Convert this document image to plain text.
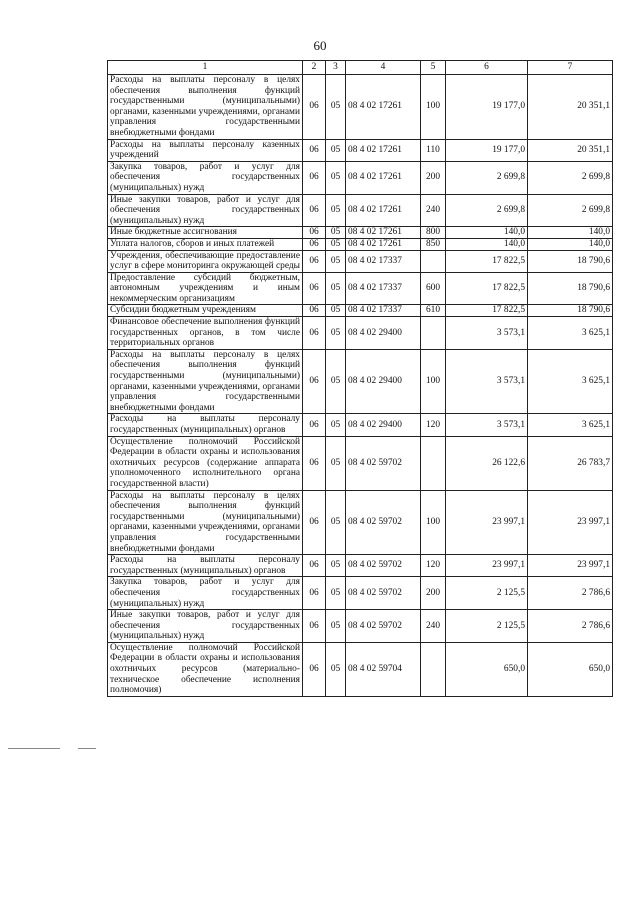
60
1	2	3	4	5	6	7
Расходы на выплаты персоналу в целях обеспечения выполнения функций государственными (муниципальными) органами, казенными учреждениями, органами управления государственными внебюджетными фондами	06	05	08 4 02 17261	100	19 177,0	20 351,1
Расходы на выплаты персоналу казенных учреждений	06	05	08 4 02 17261	110	19 177,0	20 351,1
Закупка товаров, работ и услуг для обеспечения государственных (муниципальных) нужд	06	05	08 4 02 17261	200	2 699,8	2 699,8
Иные закупки товаров, работ и услуг для обеспечения государственных (муниципальных) нужд	06	05	08 4 02 17261	240	2 699,8	2 699,8
Иные бюджетные ассигнования	06	05	08 4 02 17261	800	140,0	140,0
Уплата налогов, сборов и иных платежей	06	05	08 4 02 17261	850	140,0	140,0
Учреждения, обеспечивающие предоставление услуг в сфере мониторинга окружающей среды	06	05	08 4 02 17337		17 822,5	18 790,6
Предоставление субсидий бюджетным, автономным учреждениям и иным некоммерческим организациям	06	05	08 4 02 17337	600	17 822,5	18 790,6
Субсидии бюджетным учреждениям	06	05	08 4 02 17337	610	17 822,5	18 790,6
Финансовое обеспечение выполнения функций государственных органов, в том числе территориальных органов	06	05	08 4 02 29400		3 573,1	3 625,1
Расходы на выплаты персоналу в целях обеспечения выполнения функций государственными (муниципальными) органами, казенными учреждениями, органами управления государственными внебюджетными фондами	06	05	08 4 02 29400	100	3 573,1	3 625,1
Расходы на выплаты персоналу государственных (муниципальных) органов	06	05	08 4 02 29400	120	3 573,1	3 625,1
Осуществление полномочий Российской Федерации в области охраны и использования охотничьих ресурсов (содержание аппарата уполномоченного исполнительного органа государственной власти)	06	05	08 4 02 59702		26 122,6	26 783,7
Расходы на выплаты персоналу в целях обеспечения выполнения функций государственными (муниципальными) органами, казенными учреждениями, органами управления государственными внебюджетными фондами	06	05	08 4 02 59702	100	23 997,1	23 997,1
Расходы на выплаты персоналу государственных (муниципальных) органов	06	05	08 4 02 59702	120	23 997,1	23 997,1
Закупка товаров, работ и услуг для обеспечения государственных (муниципальных) нужд	06	05	08 4 02 59702	200	2 125,5	2 786,6
Иные закупки товаров, работ и услуг для обеспечения государственных (муниципальных) нужд	06	05	08 4 02 59702	240	2 125,5	2 786,6
Осуществление полномочий Российской Федерации в области охраны и использования охотничьих ресурсов (материально-техническое обеспечение исполнения полномочия)	06	05	08 4 02 59704		650,0	650,0
